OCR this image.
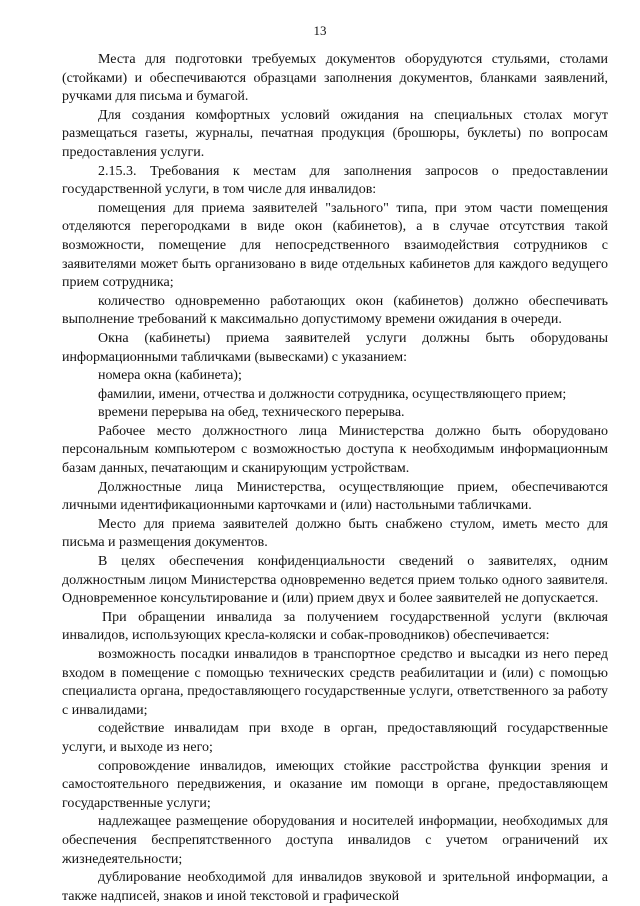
13

Места для подготовки требуемых документов оборудуются стульями, столами (стойками) и обеспечиваются образцами заполнения документов, бланками заявлений, ручками для письма и бумагой.

Для создания комфортных условий ожидания на специальных столах могут размещаться газеты, журналы, печатная продукция (брошюры, буклеты) по вопросам предоставления услуги.

2.15.3. Требования к местам для заполнения запросов о предоставлении государственной услуги, в том числе для инвалидов:

помещения для приема заявителей "зального" типа, при этом части помещения отделяются перегородками в виде окон (кабинетов), а в случае отсутствия такой возможности, помещение для непосредственного взаимодействия сотрудников с заявителями может быть организовано в виде отдельных кабинетов для каждого ведущего прием сотрудника;

количество одновременно работающих окон (кабинетов) должно обеспечивать выполнение требований к максимально допустимому времени ожидания в очереди.

Окна (кабинеты) приема заявителей услуги должны быть оборудованы информационными табличками (вывесками) с указанием:

номера окна (кабинета);

фамилии, имени, отчества и должности сотрудника, осуществляющего прием;

времени перерыва на обед, технического перерыва.

Рабочее место должностного лица Министерства должно быть оборудовано персональным компьютером с возможностью доступа к необходимым информационным базам данных, печатающим и сканирующим устройствам.

Должностные лица Министерства, осуществляющие прием, обеспечиваются личными идентификационными карточками и (или) настольными табличками.

Место для приема заявителей должно быть снабжено стулом, иметь место для письма и размещения документов.

В целях обеспечения конфиденциальности сведений о заявителях, одним должностным лицом Министерства одновременно ведется прием только одного заявителя. Одновременное консультирование и (или) прием двух и более заявителей не допускается.

При обращении инвалида за получением государственной услуги (включая инвалидов, использующих кресла-коляски и собак-проводников) обеспечивается:

возможность посадки инвалидов в транспортное средство и высадки из него перед входом в помещение с помощью технических средств реабилитации и (или) с помощью специалиста органа, предоставляющего государственные услуги, ответственного за работу с инвалидами;

содействие инвалидам при входе в орган, предоставляющий государственные услуги, и выходе из него;

сопровождение инвалидов, имеющих стойкие расстройства функции зрения и самостоятельного передвижения, и оказание им помощи в органе, предоставляющем государственные услуги;

надлежащее размещение оборудования и носителей информации, необходимых для обеспечения беспрепятственного доступа инвалидов с учетом ограничений их жизнедеятельности;

дублирование необходимой для инвалидов звуковой и зрительной информации, а также надписей, знаков и иной текстовой и графической
